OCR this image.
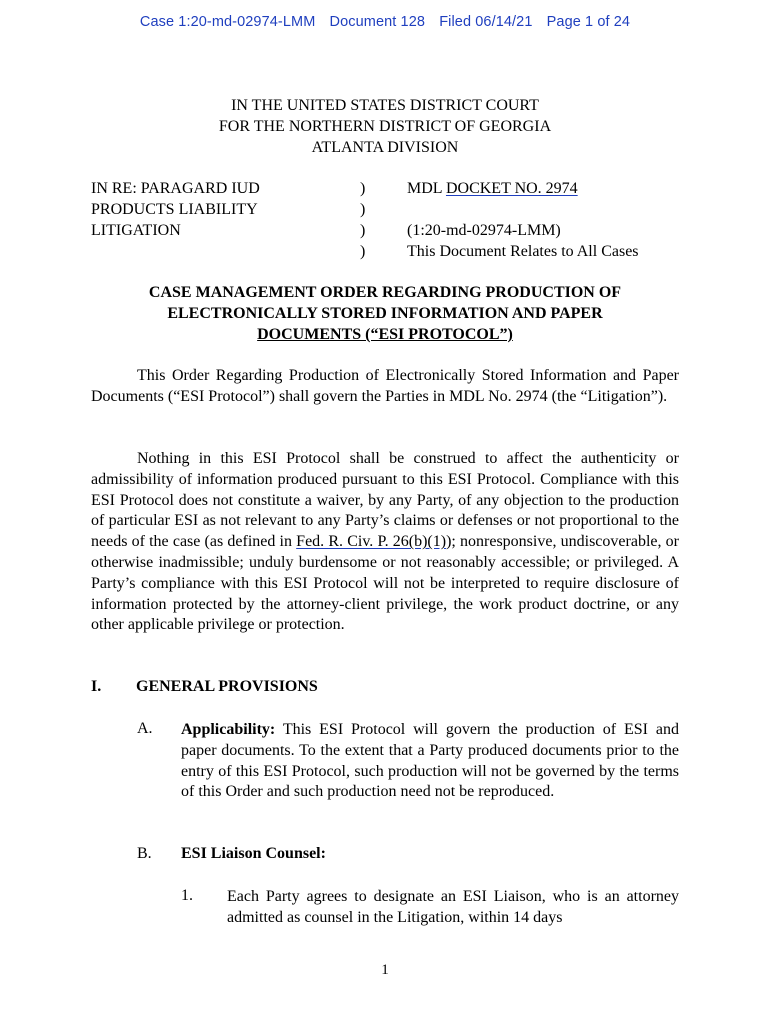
Case 1:20-md-02974-LMM Document 128 Filed 06/14/21 Page 1 of 24
IN THE UNITED STATES DISTRICT COURT
FOR THE NORTHERN DISTRICT OF GEORGIA
ATLANTA DIVISION
IN RE: PARAGARD IUD
PRODUCTS LIABILITY
LITIGATION
)
)
)
)
MDL DOCKET NO. 2974

(1:20-md-02974-LMM)
This Document Relates to All Cases
CASE MANAGEMENT ORDER REGARDING PRODUCTION OF
ELECTRONICALLY STORED INFORMATION AND PAPER
DOCUMENTS (“ESI PROTOCOL”)
This Order Regarding Production of Electronically Stored Information and Paper Documents (“ESI Protocol”) shall govern the Parties in MDL No. 2974 (the “Litigation”).
Nothing in this ESI Protocol shall be construed to affect the authenticity or admissibility of information produced pursuant to this ESI Protocol. Compliance with this ESI Protocol does not constitute a waiver, by any Party, of any objection to the production of particular ESI as not relevant to any Party’s claims or defenses or not proportional to the needs of the case (as defined in Fed. R. Civ. P. 26(b)(1)); nonresponsive, undiscoverable, or otherwise inadmissible; unduly burdensome or not reasonably accessible; or privileged. A Party’s compliance with this ESI Protocol will not be interpreted to require disclosure of information protected by the attorney-client privilege, the work product doctrine, or any other applicable privilege or protection.
I. GENERAL PROVISIONS
A. Applicability: This ESI Protocol will govern the production of ESI and paper documents. To the extent that a Party produced documents prior to the entry of this ESI Protocol, such production will not be governed by the terms of this Order and such production need not be reproduced.
B. ESI Liaison Counsel:
1. Each Party agrees to designate an ESI Liaison, who is an attorney admitted as counsel in the Litigation, within 14 days
1
